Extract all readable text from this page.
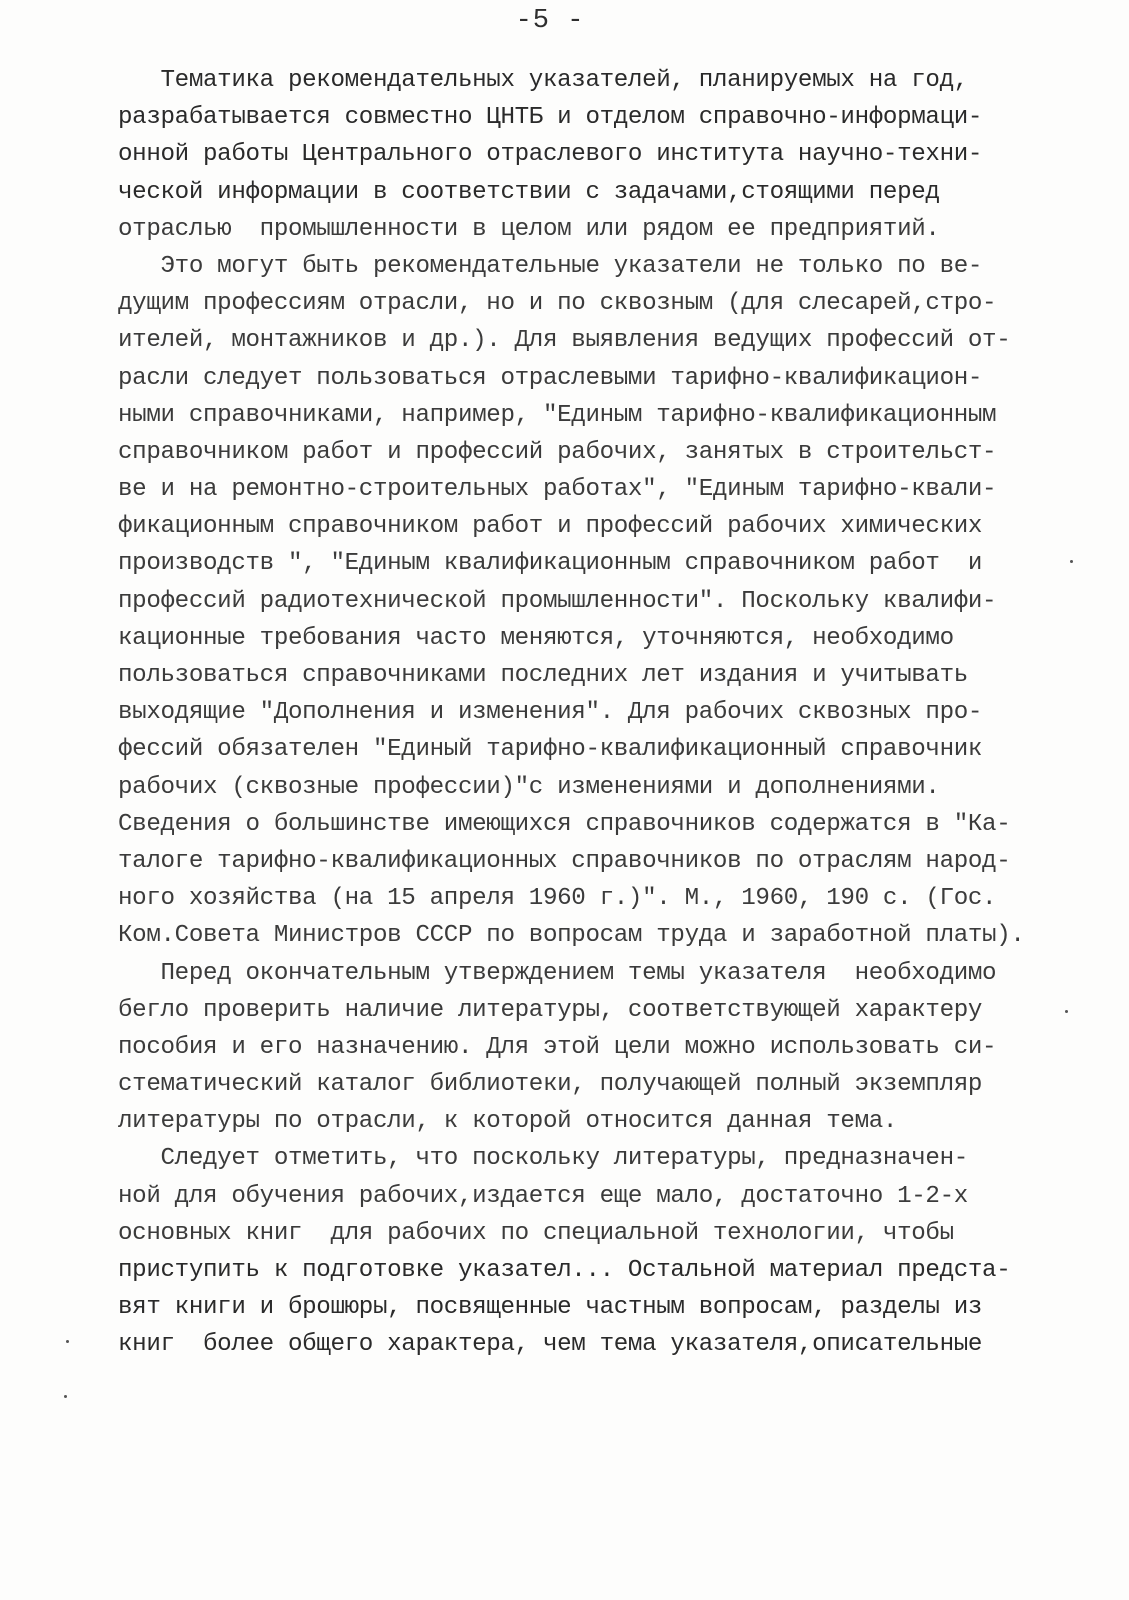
-5 -
Тематика рекомендательных указателей, планируемых на год,
разрабатывается совместно ЦНТБ и отделом справочно-информаци-
онной работы Центрального отраслевого института научно-техни-
ческой информации в соответствии с задачами,стоящими перед
отраслью  промышленности в целом или рядом ее предприятий.
Это могут быть рекомендательные указатели не только по ве-
дущим профессиям отрасли, но и по сквозным (для слесарей,стро-
ителей, монтажников и др.). Для выявления ведущих профессий от-
расли следует пользоваться отраслевыми тарифно-квалификацион-
ными справочниками, например, "Единым тарифно-квалификационным
справочником работ и профессий рабочих, занятых в строительст-
ве и на ремонтно-строительных работах", "Единым тарифно-квали-
фикационным справочником работ и профессий рабочих химических
производств ", "Единым квалификационным справочником работ  и
профессий радиотехнической промышленности". Поскольку квалифи-
кационные требования часто меняются, уточняются, необходимо
пользоваться справочниками последних лет издания и учитывать
выходящие "Дополнения и изменения". Для рабочих сквозных про-
фессий обязателен "Единый тарифно-квалификационный справочник
рабочих (сквозные профессии)"с изменениями и дополнениями.
Сведения о большинстве имеющихся справочников содержатся в "Ка-
талоге тарифно-квалификационных справочников по отраслям народ-
ного хозяйства (на 15 апреля 1960 г.)". М., 1960, 190 с. (Гос.
Ком.Совета Министров СССР по вопросам труда и заработной платы).
Перед окончательным утверждением темы указателя  необходимо
бегло проверить наличие литературы, соответствующей характеру
пособия и его назначению. Для этой цели можно использовать си-
стематический каталог библиотеки, получающей полный экземпляр
литературы по отрасли, к которой относится данная тема.
Следует отметить, что поскольку литературы, предназначен-
ной для обучения рабочих,издается еще мало, достаточно 1-2-х
основных книг  для рабочих по специальной технологии, чтобы
приступить к подготовке указател... Остальной материал предста-
вят книги и брошюры, посвященные частным вопросам, разделы из
книг  более общего характера, чем тема указателя,описательные
